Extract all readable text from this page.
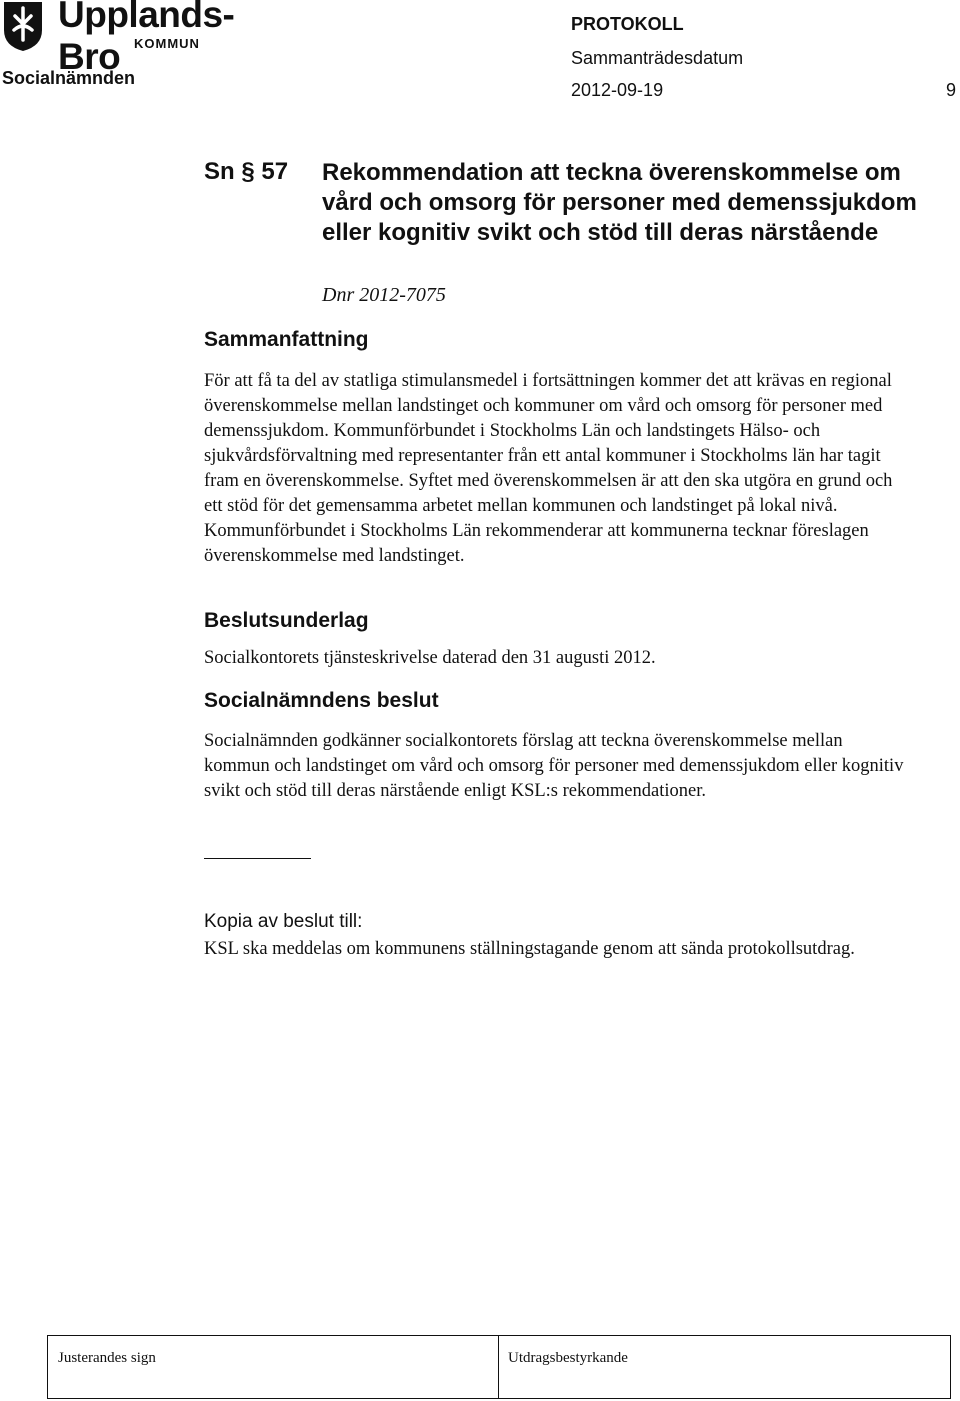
Upplands-Bro	KOMMUN
Socialnämnden
PROTOKOLL
Sammanträdesdatum
2012-09-19	9
Sn § 57 Rekommendation att teckna överenskommelse om vård och omsorg för personer med demenssjukdom eller kognitiv svikt och stöd till deras närstående
Dnr 2012-7075
Sammanfattning
För att få ta del av statliga stimulansmedel i fortsättningen kommer det att krävas en regional överenskommelse mellan landstinget och kommuner om vård och omsorg för personer med demenssjukdom. Kommunförbundet i Stockholms Län och landstingets Hälso- och sjukvårdsförvaltning med representanter från ett antal kommuner i Stockholms län har tagit fram en överenskommelse. Syftet med överenskommelsen är att den ska utgöra en grund och ett stöd för det gemensamma arbetet mellan kommunen och landstinget på lokal nivå. Kommunförbundet i Stockholms Län rekommenderar att kommunerna tecknar föreslagen överenskommelse med landstinget.
Beslutsunderlag
Socialkontorets tjänsteskrivelse daterad den 31 augusti 2012.
Socialnämndens beslut
Socialnämnden godkänner socialkontorets förslag att teckna överenskommelse mellan kommun och landstinget om vård och omsorg för personer med demenssjukdom eller kognitiv svikt och stöd till deras närstående enligt KSL:s rekommendationer.
Kopia av beslut till:
KSL ska meddelas om kommunens ställningstagande genom att sända protokollsutdrag.
Justerandes sign	Utdragsbestyrkande
